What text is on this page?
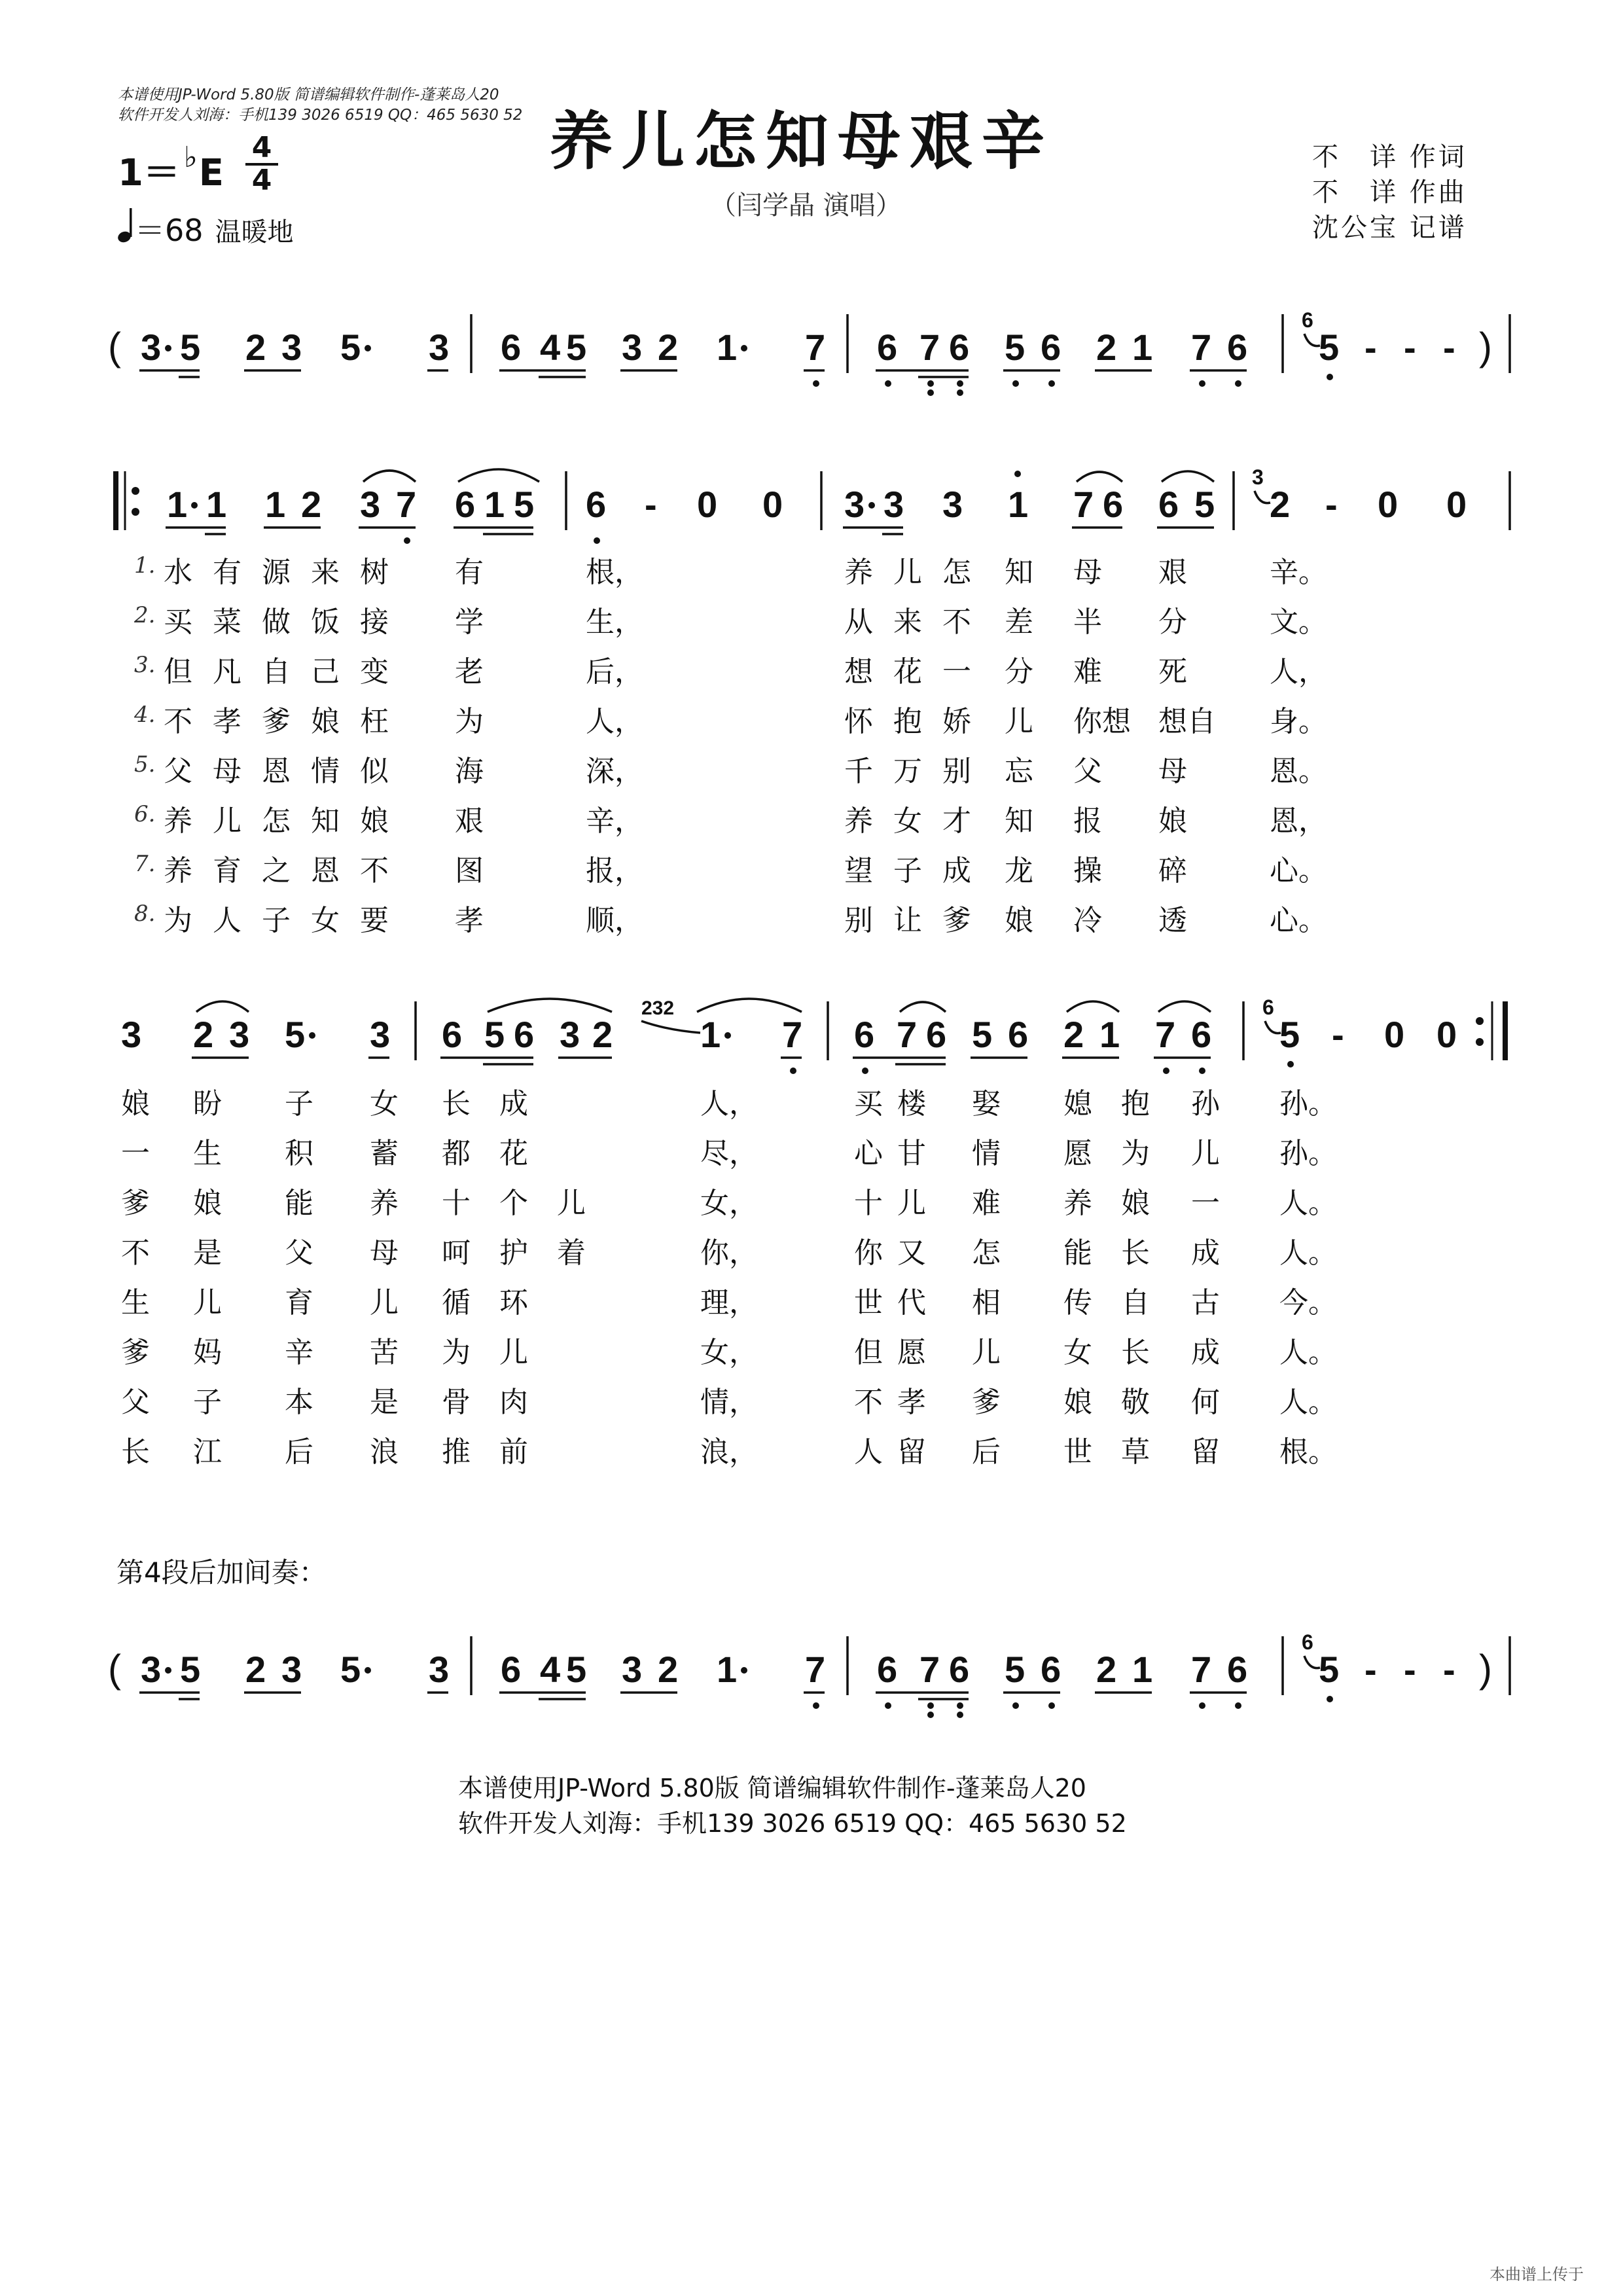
本谱使用JP-Word 5.80版 简谱编辑软件制作-蓬莱岛人20
软件开发人刘海：手机139 3026 6519 QQ：465 5630 52 养儿怎知母艰辛
（闫学晶 演唱）
1＝ ♭E
4
4
＝68 温暖地
不　详 作词
不　详 作曲
沈公宝 记谱
( 3 5 2 3 5 3 6 4 5 3 2 1 7 6 7 6 5 6 2 1 7 6 5 - - - )
6
1 1 1 2 3 7 6 1 5 6 - 0 0 3 3 3 1 7 6 6 5 2 - 0 0
3
1. 水 有 源 来 树 有	根，	养 儿 怎 知 母 艰	辛。
2. 买 菜 做 饭 接 学	生，	从 来 不 差 半 分	文。
3. 但 凡 自 己 变 老	后，	想 花 一 分 难 死	人，
4. 不 孝 爹 娘 枉 为	人，	怀 抱 娇 儿 你想 想自 身。
5. 父 母 恩 情 似 海	深，	千 万 别 忘 父 母	恩。
6. 养 儿 怎 知 娘 艰	辛，	养 女 才 知 报 娘	恩，
7. 养 育 之 恩 不 图	报，	望 子 成 龙 操 碎	心。
8. 为 人 子 女 要 孝	顺，	别 让 爹 娘 冷 透	心。
3 2 3 5 3 6 5 6 3 2 1 7 6 7 6 5 6 2 1 7 6 5 - 0 0
6
232
娘 盼 子 女 长成	人，	买楼 娶 媳抱 孙 孙。
一 生 积 蓄 都花	尽，	心甘 情 愿为 儿 孙。
爹 娘 能 养 十个儿	女，	十儿 难 养娘 一 人。
不 是 父 母 呵护着	你，	你又 怎 能长 成 人。
生 儿 育 儿 循环	理，	世代 相 传自 古 今。
爹 妈 辛 苦 为儿	女，	但愿 儿 女长 成 人。
父 子 本 是 骨肉	情，	不孝 爹 娘敬 何 人。
长 江 后 浪 推前	浪，	人留 后 世草 留 根。
第4段后加间奏：
( 3 5 2 3 5 3 6 4 5 3 2 1 7 6 7 6 5 6 2 1 7 6 5 - - - )
6
本谱使用JP-Word 5.80版 简谱编辑软件制作-蓬莱岛人20
软件开发人刘海：手机139 3026 6519 QQ：465 5630 52
本曲谱上传于
